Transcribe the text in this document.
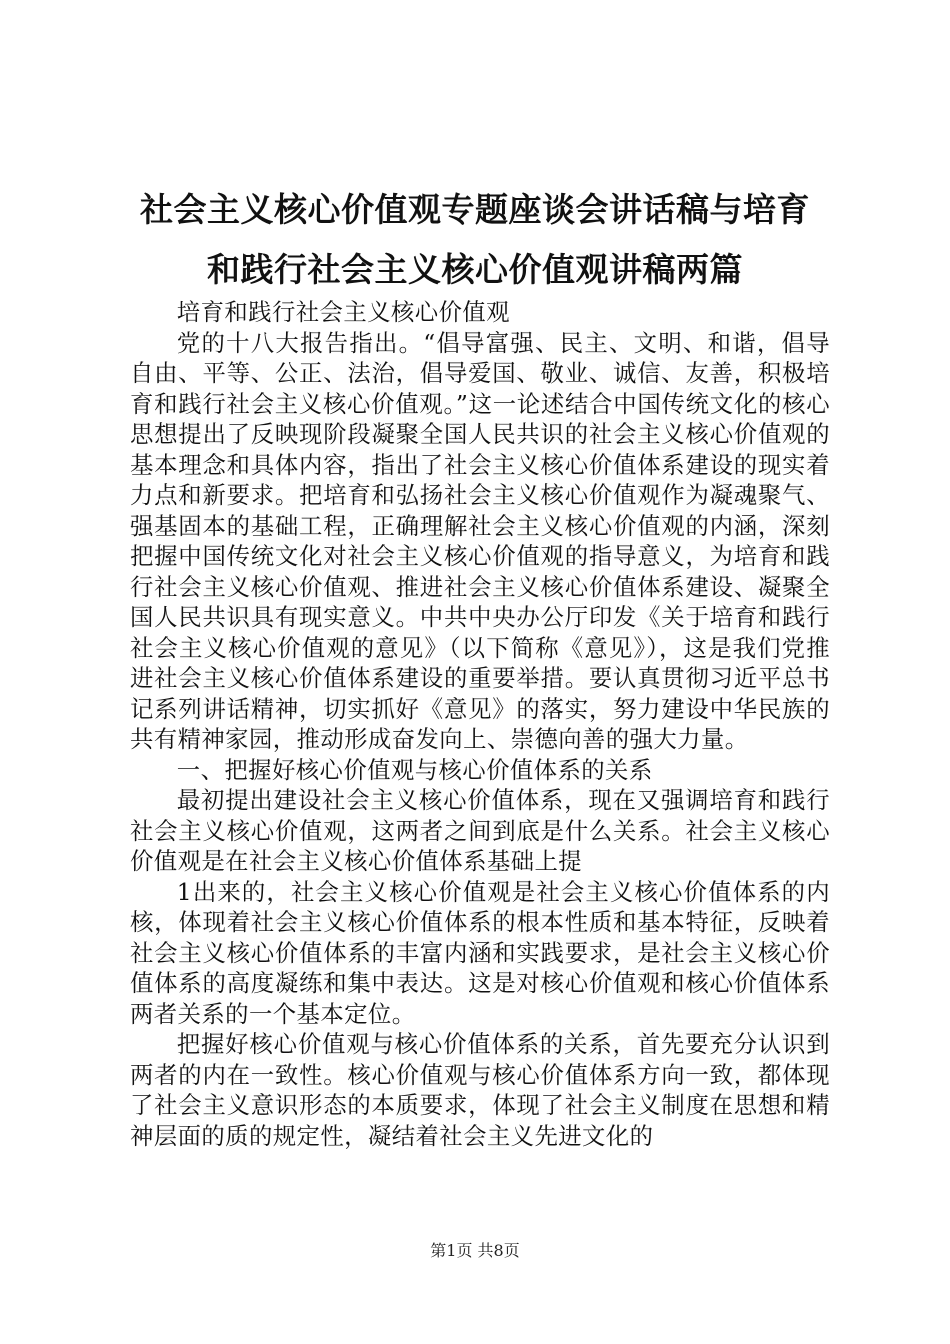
社会主义核心价值观专题座谈会讲话稿与培育
和践行社会主义核心价值观讲稿两篇

培育和践行社会主义核心价值观

党的十八大报告指出。“倡导富强、民主、文明、和谐，倡导自由、平等、公正、法治，倡导爱国、敬业、诚信、友善，积极培育和践行社会主义核心价值观。”这一论述结合中国传统文化的核心思想提出了反映现阶段凝聚全国人民共识的社会主义核心价值观的基本理念和具体内容，指出了社会主义核心价值体系建设的现实着力点和新要求。把培育和弘扬社会主义核心价值观作为凝魂聚气、强基固本的基础工程，正确理解社会主义核心价值观的内涵，深刻把握中国传统文化对社会主义核心价值观的指导意义，为培育和践行社会主义核心价值观、推进社会主义核心价值体系建设、凝聚全国人民共识具有现实意义。中共中央办公厅印发《关于培育和践行社会主义核心价值观的意见》（以下简称《意见》），这是我们党推进社会主义核心价值体系建设的重要举措。要认真贯彻习近平总书记系列讲话精神，切实抓好《意见》的落实，努力建设中华民族的共有精神家园，推动形成奋发向上、崇德向善的强大力量。

一、把握好核心价值观与核心价值体系的关系

最初提出建设社会主义核心价值体系，现在又强调培育和践行社会主义核心价值观，这两者之间到底是什么关系。社会主义核心价值观是在社会主义核心价值体系基础上提

1出来的，社会主义核心价值观是社会主义核心价值体系的内核，体现着社会主义核心价值体系的根本性质和基本特征，反映着社会主义核心价值体系的丰富内涵和实践要求，是社会主义核心价值体系的高度凝练和集中表达。这是对核心价值观和核心价值体系两者关系的一个基本定位。

把握好核心价值观与核心价值体系的关系，首先要充分认识到两者的内在一致性。核心价值观与核心价值体系方向一致，都体现了社会主义意识形态的本质要求，体现了社会主义制度在思想和精神层面的质的规定性，凝结着社会主义先进文化的

第1页 共8页
